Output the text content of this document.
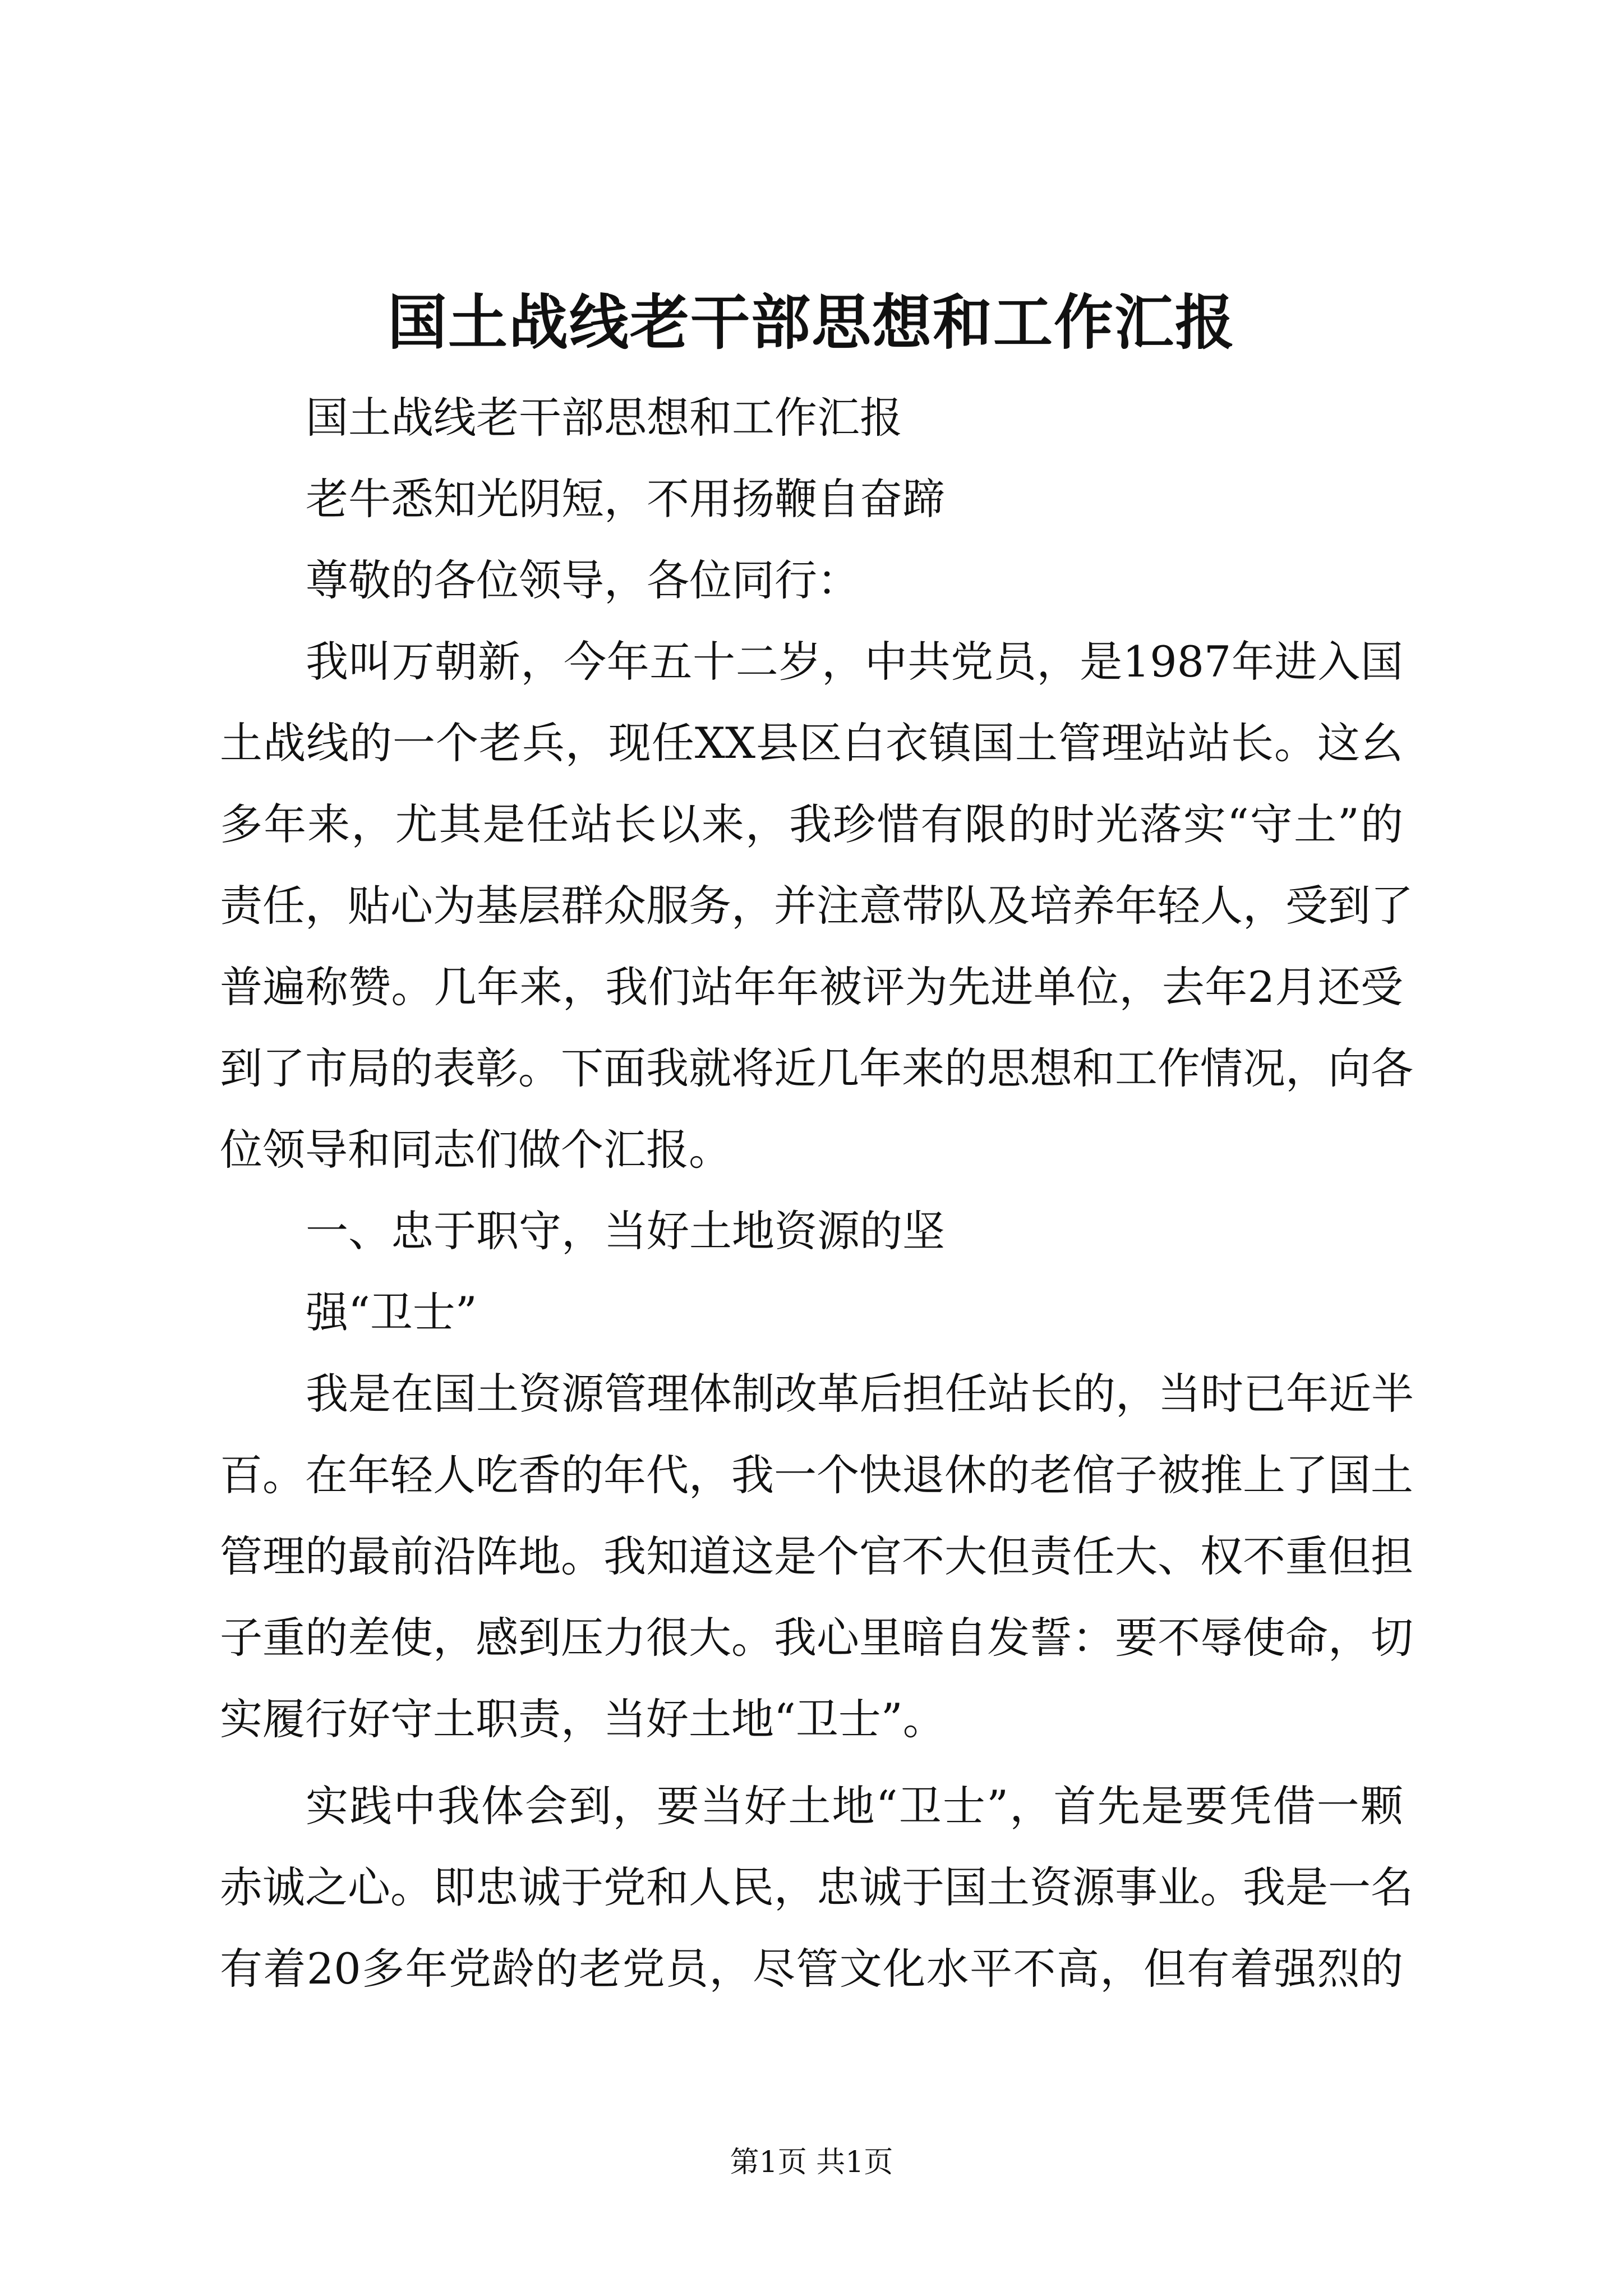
国土战线老干部思想和工作汇报
国土战线老干部思想和工作汇报
老牛悉知光阴短，不用扬鞭自奋蹄
尊敬的各位领导，各位同行：
我叫万朝新，今年五十二岁，中共党员，是1987年进入国
土战线的一个老兵，现任XX县区白衣镇国土管理站站长。这幺
多年来，尤其是任站长以来，我珍惜有限的时光落实“守土”的
责任，贴心为基层群众服务，并注意带队及培养年轻人，受到了
普遍称赞。几年来，我们站年年被评为先进单位，去年2月还受
到了市局的表彰。下面我就将近几年来的思想和工作情况，向各
位领导和同志们做个汇报。
一、忠于职守，当好土地资源的坚
强“卫士”
我是在国土资源管理体制改革后担任站长的，当时已年近半
百。在年轻人吃香的年代，我一个快退休的老倌子被推上了国土
管理的最前沿阵地。我知道这是个官不大但责任大、权不重但担
子重的差使，感到压力很大。我心里暗自发誓：要不辱使命，切
实履行好守土职责，当好土地“卫士”。
实践中我体会到，要当好土地“卫士”，首先是要凭借一颗
赤诚之心。即忠诚于党和人民，忠诚于国土资源事业。我是一名
有着20多年党龄的老党员，尽管文化水平不高，但有着强烈的
第1页 共1页
